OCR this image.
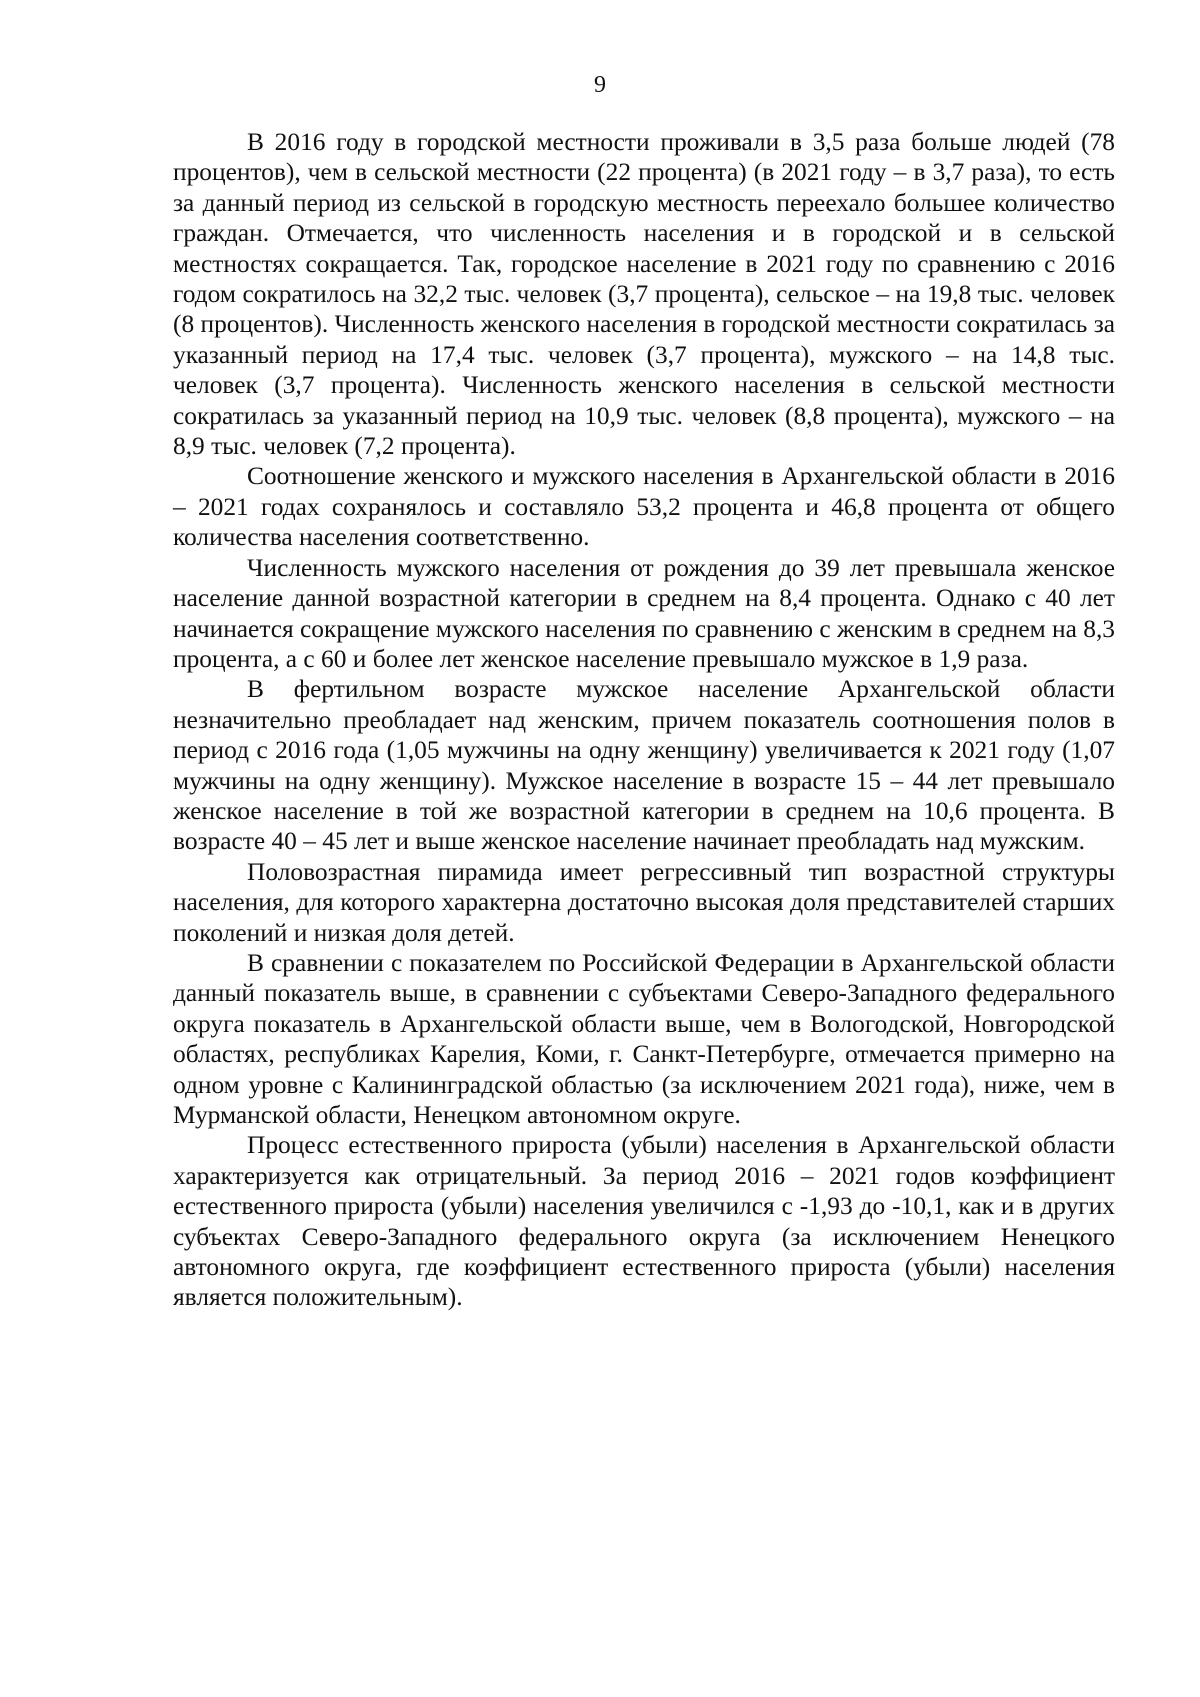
9

В 2016 году в городской местности проживали в 3,5 раза больше людей (78 процентов), чем в сельской местности (22 процента) (в 2021 году – в 3,7 раза), то есть за данный период из сельской в городскую местность переехало большее количество граждан. Отмечается, что численность населения и в городской и в сельской местностях сокращается. Так, городское население в 2021 году по сравнению с 2016 годом сократилось на 32,2 тыс. человек (3,7 процента), сельское – на 19,8 тыс. человек (8 процентов). Численность женского населения в городской местности сократилась за указанный период на 17,4 тыс. человек (3,7 процента), мужского – на 14,8 тыс. человек (3,7 процента). Численность женского населения в сельской местности сократилась за указанный период на 10,9 тыс. человек (8,8 процента), мужского – на 8,9 тыс. человек (7,2 процента).

Соотношение женского и мужского населения в Архангельской области в 2016 – 2021 годах сохранялось и составляло 53,2 процента и 46,8 процента от общего количества населения соответственно.

Численность мужского населения от рождения до 39 лет превышала женское население данной возрастной категории в среднем на 8,4 процента. Однако с 40 лет начинается сокращение мужского населения по сравнению с женским в среднем на 8,3 процента, а с 60 и более лет женское население превышало мужское в 1,9 раза.

В фертильном возрасте мужское население Архангельской области незначительно преобладает над женским, причем показатель соотношения полов в период с 2016 года (1,05 мужчины на одну женщину) увеличивается к 2021 году (1,07 мужчины на одну женщину). Мужское население в возрасте 15 – 44 лет превышало женское население в той же возрастной категории в среднем на 10,6 процента. В возрасте 40 – 45 лет и выше женское население начинает преобладать над мужским.

Половозрастная пирамида имеет регрессивный тип возрастной структуры населения, для которого характерна достаточно высокая доля представителей старших поколений и низкая доля детей.

В сравнении с показателем по Российской Федерации в Архангельской области данный показатель выше, в сравнении с субъектами Северо-Западного федерального округа показатель в Архангельской области выше, чем в Вологодской, Новгородской областях, республиках Карелия, Коми, г. Санкт-Петербурге, отмечается примерно на одном уровне с Калининградской областью (за исключением 2021 года), ниже, чем в Мурманской области, Ненецком автономном округе.

Процесс естественного прироста (убыли) населения в Архангельской области характеризуется как отрицательный. За период 2016 – 2021 годов коэффициент естественного прироста (убыли) населения увеличился с -1,93 до -10,1, как и в других субъектах Северо-Западного федерального округа (за исключением Ненецкого автономного округа, где коэффициент естественного прироста (убыли) населения является положительным).
